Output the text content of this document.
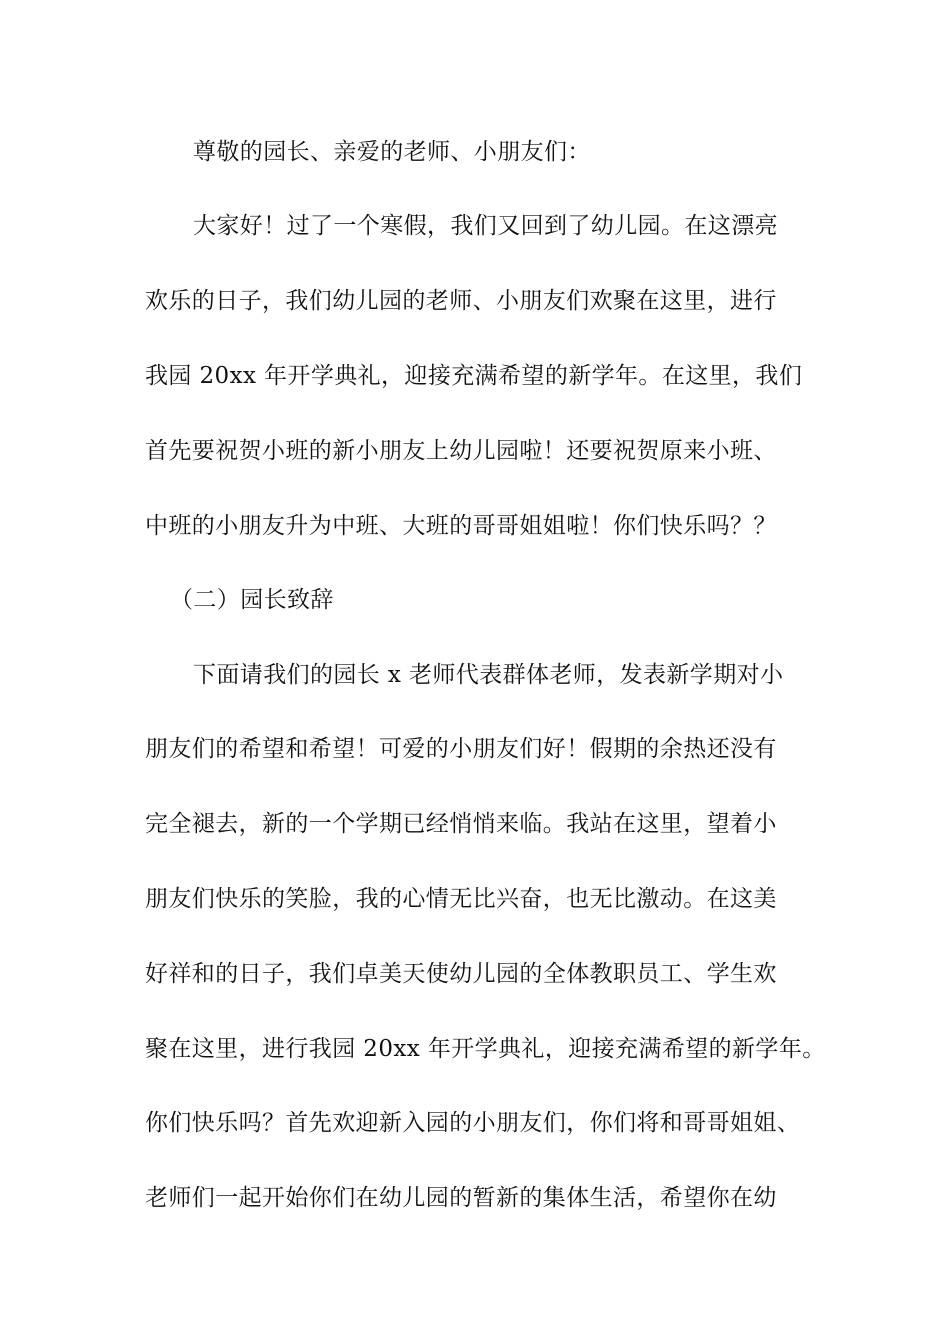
尊敬的园长、亲爱的老师、小朋友们：
大家好！过了一个寒假，我们又回到了幼儿园。在这漂亮
欢乐的日子，我们幼儿园的老师、小朋友们欢聚在这里，进行
我园 20xx 年开学典礼，迎接充满希望的新学年。在这里，我们
首先要祝贺小班的新小朋友上幼儿园啦！还要祝贺原来小班、
中班的小朋友升为中班、大班的哥哥姐姐啦！你们快乐吗？？
（二）园长致辞
下面请我们的园长 x 老师代表群体老师，发表新学期对小
朋友们的希望和希望！可爱的小朋友们好！假期的余热还没有
完全褪去，新的一个学期已经悄悄来临。我站在这里，望着小
朋友们快乐的笑脸，我的心情无比兴奋，也无比激动。在这美
好祥和的日子，我们卓美天使幼儿园的全体教职员工、学生欢
聚在这里，进行我园 20xx 年开学典礼，迎接充满希望的新学年。
你们快乐吗？首先欢迎新入园的小朋友们，你们将和哥哥姐姐、
老师们一起开始你们在幼儿园的暂新的集体生活，希望你在幼
